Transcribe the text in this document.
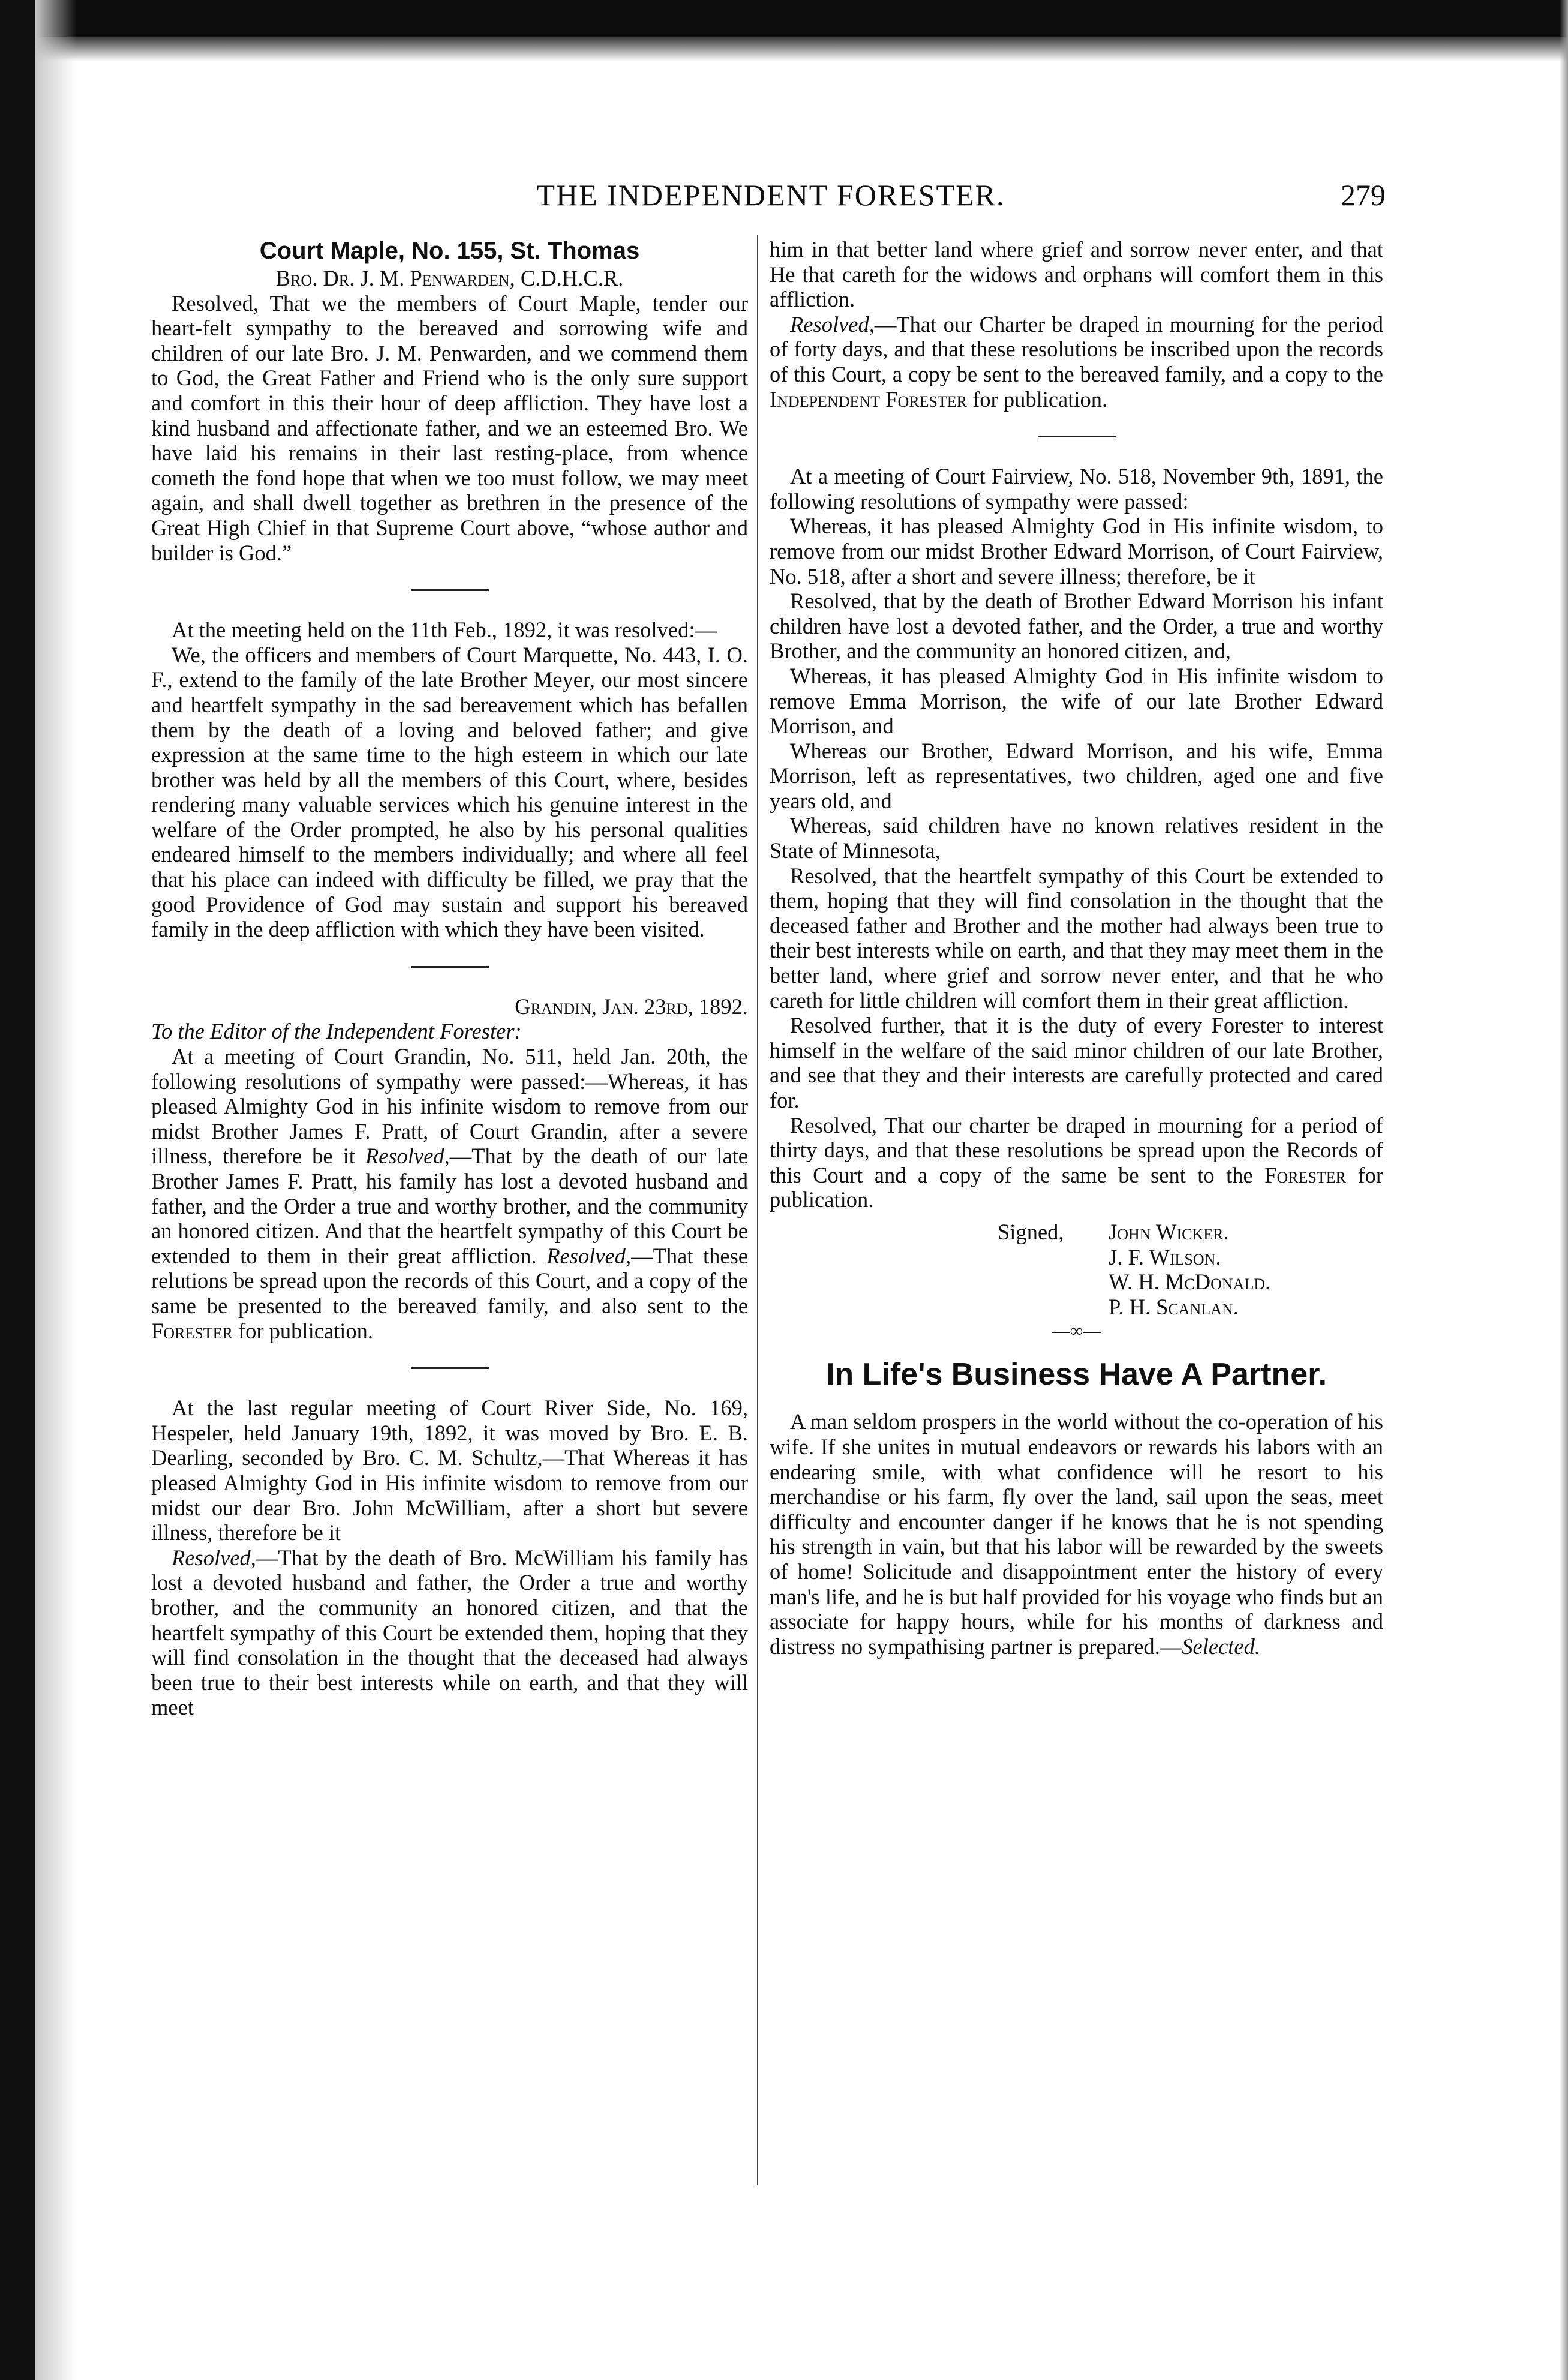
THE INDEPENDENT FORESTER.	279
Court Maple, No. 155, St. Thomas
Bro. Dr. J. M. Penwarden, C.D.H.C.R.

Resolved, That we the members of Court Maple, tender our heart-felt sympathy to the bereaved and sorrowing wife and children of our late Bro. J. M. Penwarden, and we commend them to God, the Great Father and Friend who is the only sure support and comfort in this their hour of deep affliction. They have lost a kind husband and affectionate father, and we an esteemed Bro. We have laid his remains in their last resting-place, from whence cometh the fond hope that when we too must follow, we may meet again, and shall dwell together as brethren in the presence of the Great High Chief in that Supreme Court above, “whose author and builder is God.”

At the meeting held on the 11th Feb., 1892, it was resolved:—

We, the officers and members of Court Marquette, No. 443, I. O. F., extend to the family of the late Brother Meyer, our most sincere and heartfelt sympathy in the sad bereavement which has befallen them by the death of a loving and beloved father; and give expression at the same time to the high esteem in which our late brother was held by all the members of this Court, where, besides rendering many valuable services which his genuine interest in the welfare of the Order prompted, he also by his personal qualities endeared himself to the members individually; and where all feel that his place can indeed with difficulty be filled, we pray that the good Providence of God may sustain and support his bereaved family in the deep affliction with which they have been visited.

Grandin, Jan. 23rd, 1892.

To the Editor of the Independent Forester:

At a meeting of Court Grandin, No. 511, held Jan. 20th, the following resolutions of sympathy were passed:—Whereas, it has pleased Almighty God in his infinite wisdom to remove from our midst Brother James F. Pratt, of Court Grandin, after a severe illness, therefore be it Resolved,—That by the death of our late Brother James F. Pratt, his family has lost a devoted husband and father, and the Order a true and worthy brother, and the community an honored citizen. And that the heartfelt sympathy of this Court be extended to them in their great affliction. Resolved,—That these relutions be spread upon the records of this Court, and a copy of the same be presented to the bereaved family, and also sent to the Forester for publication.

At the last regular meeting of Court River Side, No. 169, Hespeler, held January 19th, 1892, it was moved by Bro. E. B. Dearling, seconded by Bro. C. M. Schultz,—That Whereas it has pleased Almighty God in His infinite wisdom to remove from our midst our dear Bro. John McWilliam, after a short but severe illness, therefore be it

Resolved,—That by the death of Bro. McWilliam his family has lost a devoted husband and father, the Order a true and worthy brother, and the community an honored citizen, and that the heartfelt sympathy of this Court be extended them, hoping that they will find consolation in the thought that the deceased had always been true to their best interests while on earth, and that they will meet

him in that better land where grief and sorrow never enter, and that He that careth for the widows and orphans will comfort them in this affliction.

Resolved,—That our Charter be draped in mourning for the period of forty days, and that these resolutions be inscribed upon the records of this Court, a copy be sent to the bereaved family, and a copy to the Independent Forester for publication.

At a meeting of Court Fairview, No. 518, November 9th, 1891, the following resolutions of sympathy were passed:

Whereas, it has pleased Almighty God in His infinite wisdom, to remove from our midst Brother Edward Morrison, of Court Fairview, No. 518, after a short and severe illness; therefore, be it

Resolved, that by the death of Brother Edward Morrison his infant children have lost a devoted father, and the Order, a true and worthy Brother, and the community an honored citizen, and,

Whereas, it has pleased Almighty God in His infinite wisdom to remove Emma Morrison, the wife of our late Brother Edward Morrison, and

Whereas our Brother, Edward Morrison, and his wife, Emma Morrison, left as representatives, two children, aged one and five years old, and

Whereas, said children have no known relatives resident in the State of Minnesota,

Resolved, that the heartfelt sympathy of this Court be extended to them, hoping that they will find consolation in the thought that the deceased father and Brother and the mother had always been true to their best interests while on earth, and that they may meet them in the better land, where grief and sorrow never enter, and that he who careth for little children will comfort them in their great affliction.

Resolved further, that it is the duty of every Forester to interest himself in the welfare of the said minor children of our late Brother, and see that they and their interests are carefully protected and cared for.

Resolved, That our charter be draped in mourning for a period of thirty days, and that these resolutions be spread upon the Records of this Court and a copy of the same be sent to the Forester for publication.

Signed, John Wicker.
J. F. Wilson.
W. H. McDonald.
P. H. Scanlan.
—∞—
In Life's Business Have A Partner.

A man seldom prospers in the world without the co-operation of his wife. If she unites in mutual endeavors or rewards his labors with an endearing smile, with what confidence will he resort to his merchandise or his farm, fly over the land, sail upon the seas, meet difficulty and encounter danger if he knows that he is not spending his strength in vain, but that his labor will be rewarded by the sweets of home! Solicitude and disappointment enter the history of every man's life, and he is but half provided for his voyage who finds but an associate for happy hours, while for his months of darkness and distress no sympathising partner is prepared.—Selected.
